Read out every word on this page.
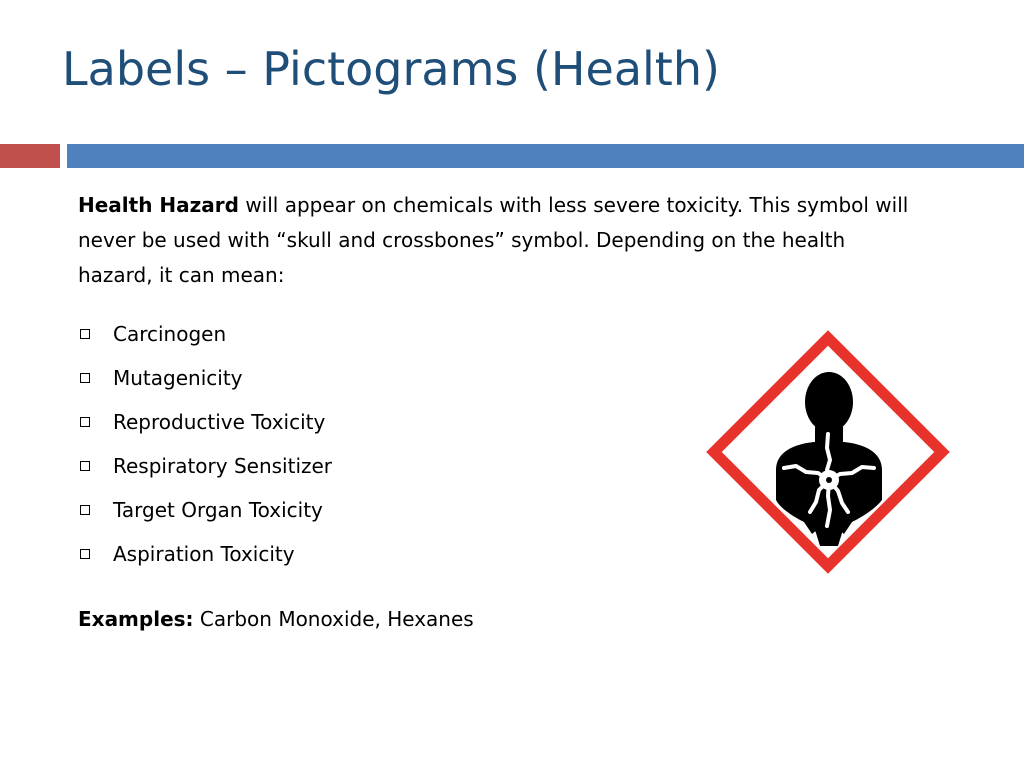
Labels – Pictograms (Health)

Health Hazard will appear on chemicals with less severe toxicity. This symbol will never be used with “skull and crossbones” symbol. Depending on the health hazard, it can mean:

Carcinogen
Mutagenicity
Reproductive Toxicity
Respiratory Sensitizer
Target Organ Toxicity
Aspiration Toxicity

Examples: Carbon Monoxide, Hexanes
